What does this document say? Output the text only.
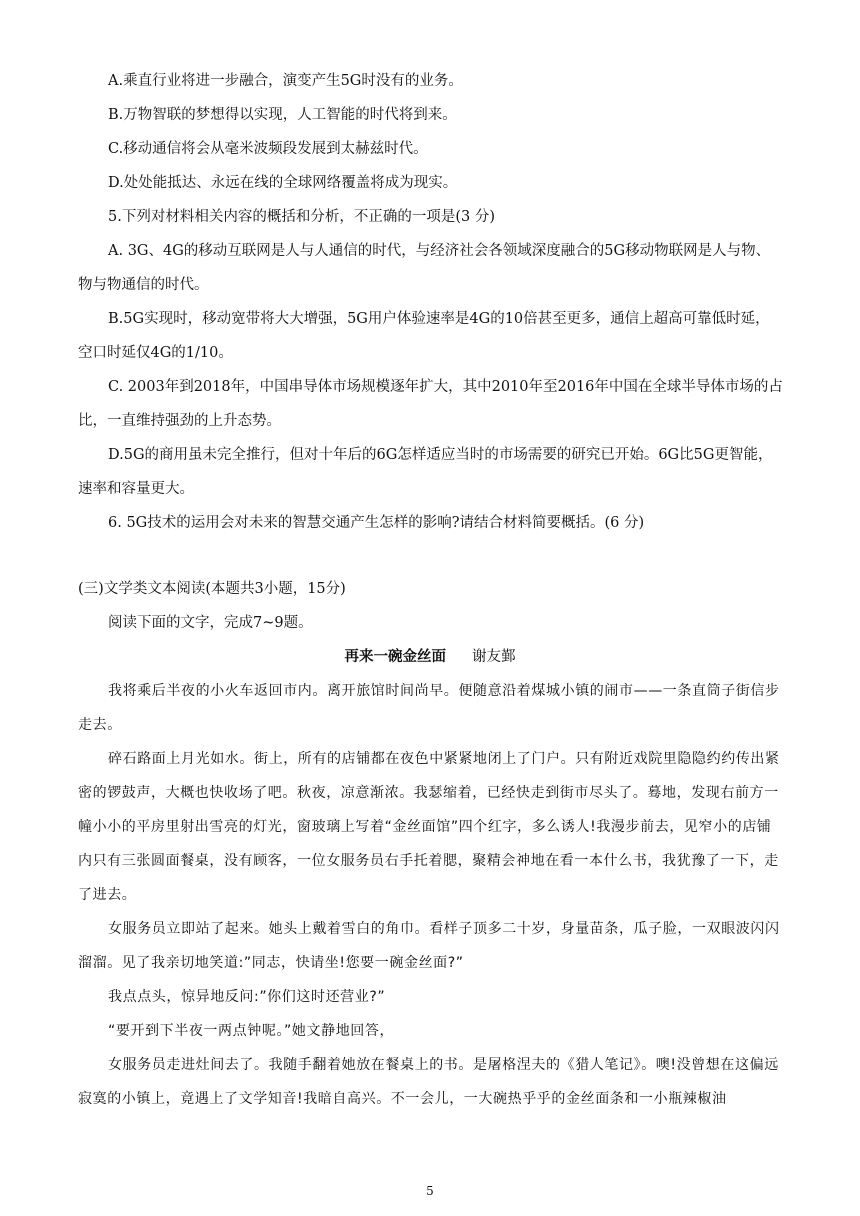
A.乘直行业将进一步融合，演变产生5G时没有的业务。

B.万物智联的梦想得以实现，人工智能的时代将到来。

C.移动通信将会从毫米波频段发展到太赫兹时代。

D.处处能抵达、永远在线的全球网络覆盖将成为现实。

5.下列对材料相关内容的概括和分析，不正确的一项是(3 分)

A. 3G、4G的移动互联网是人与人通信的时代，与经济社会各领域深度融合的5G移动物联网是人与物、物与物通信的时代。

B.5G实现时，移动宽带将大大增强，5G用户体验速率是4G的10倍甚至更多，通信上超高可靠低时延，空口时延仅4G的1/10。

C. 2003年到2018年，中国串导体市场规模逐年扩大，其中2010年至2016年中国在全球半导体市场的占比，一直维持强劲的上升态势。

D.5G的商用虽未完全推行，但对十年后的6G怎样适应当时的市场需要的研究已开始。6G比5G更智能，速率和容量更大。

6. 5G技术的运用会对未来的智慧交通产生怎样的影响?请结合材料简要概括。(6 分)

(三)文学类文本阅读(本题共3小题，15分)

阅读下面的文字，完成7~9题。

再来一碗金丝面 谢友鄞

我将乘后半夜的小火车返回市内。离开旅馆时间尚早。便随意沿着煤城小镇的闹市——一条直筒子街信步走去。

碎石路面上月光如水。街上，所有的店铺都在夜色中紧紧地闭上了门户。只有附近戏院里隐隐约约传出紧密的锣鼓声，大概也快收场了吧。秋夜，凉意渐浓。我瑟缩着，已经快走到街市尽头了。蓦地，发现右前方一幢小小的平房里射出雪亮的灯光，窗玻璃上写着“金丝面馆”四个红字，多么诱人!我漫步前去，见窄小的店铺内只有三张圆面餐桌，没有顾客，一位女服务员右手托着腮，聚精会神地在看一本什么书，我犹豫了一下，走了进去。

女服务员立即站了起来。她头上戴着雪白的角巾。看样子顶多二十岁，身量苗条，瓜子脸，一双眼波闪闪溜溜。见了我亲切地笑道:”同志，快请坐!您要一碗金丝面?”

我点点头，惊异地反问:”你们这时还营业?”

“要开到下半夜一两点钟呢。”她文静地回答，

女服务员走进灶间去了。我随手翻着她放在餐桌上的书。是屠格涅夫的《猎人笔记》。噢!没曾想在这偏远寂寞的小镇上，竟遇上了文学知音!我暗自高兴。不一会儿，一大碗热乎乎的金丝面条和一小瓶辣椒油

5
